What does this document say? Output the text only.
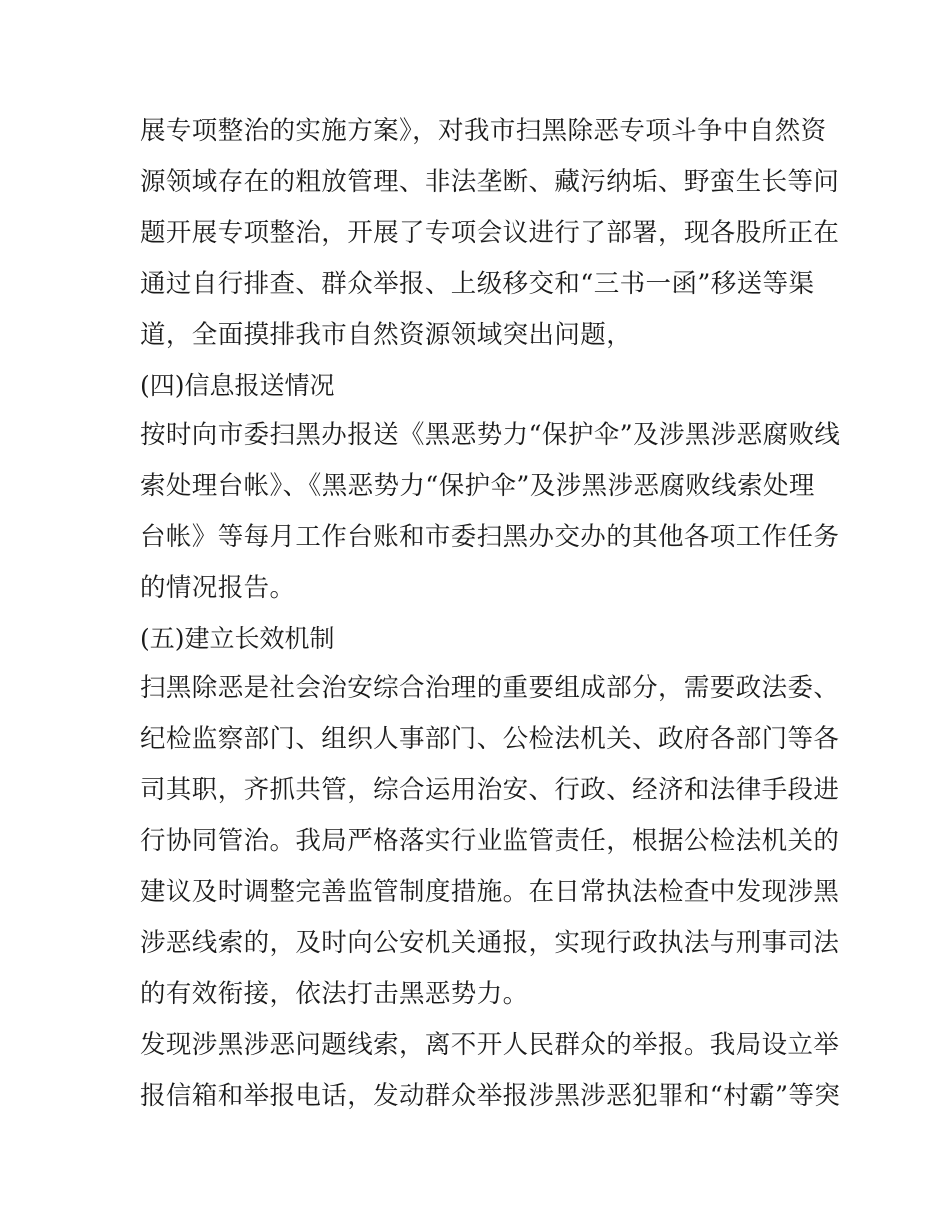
展专项整治的实施方案》，对我市扫黑除恶专项斗争中自然资
源领域存在的粗放管理、非法垄断、藏污纳垢、野蛮生长等问
题开展专项整治，开展了专项会议进行了部署，现各股所正在
通过自行排查、群众举报、上级移交和“三书一函”移送等渠
道，全面摸排我市自然资源领域突出问题，
(四)信息报送情况
按时向市委扫黑办报送《黑恶势力“保护伞”及涉黑涉恶腐败线
索处理台帐》、《黑恶势力“保护伞”及涉黑涉恶腐败线索处理
台帐》等每月工作台账和市委扫黑办交办的其他各项工作任务
的情况报告。
(五)建立长效机制
扫黑除恶是社会治安综合治理的重要组成部分，需要政法委、
纪检监察部门、组织人事部门、公检法机关、政府各部门等各
司其职，齐抓共管，综合运用治安、行政、经济和法律手段进
行协同管治。我局严格落实行业监管责任，根据公检法机关的
建议及时调整完善监管制度措施。在日常执法检查中发现涉黑
涉恶线索的，及时向公安机关通报，实现行政执法与刑事司法
的有效衔接，依法打击黑恶势力。
发现涉黑涉恶问题线索，离不开人民群众的举报。我局设立举
报信箱和举报电话，发动群众举报涉黑涉恶犯罪和“村霸”等突
